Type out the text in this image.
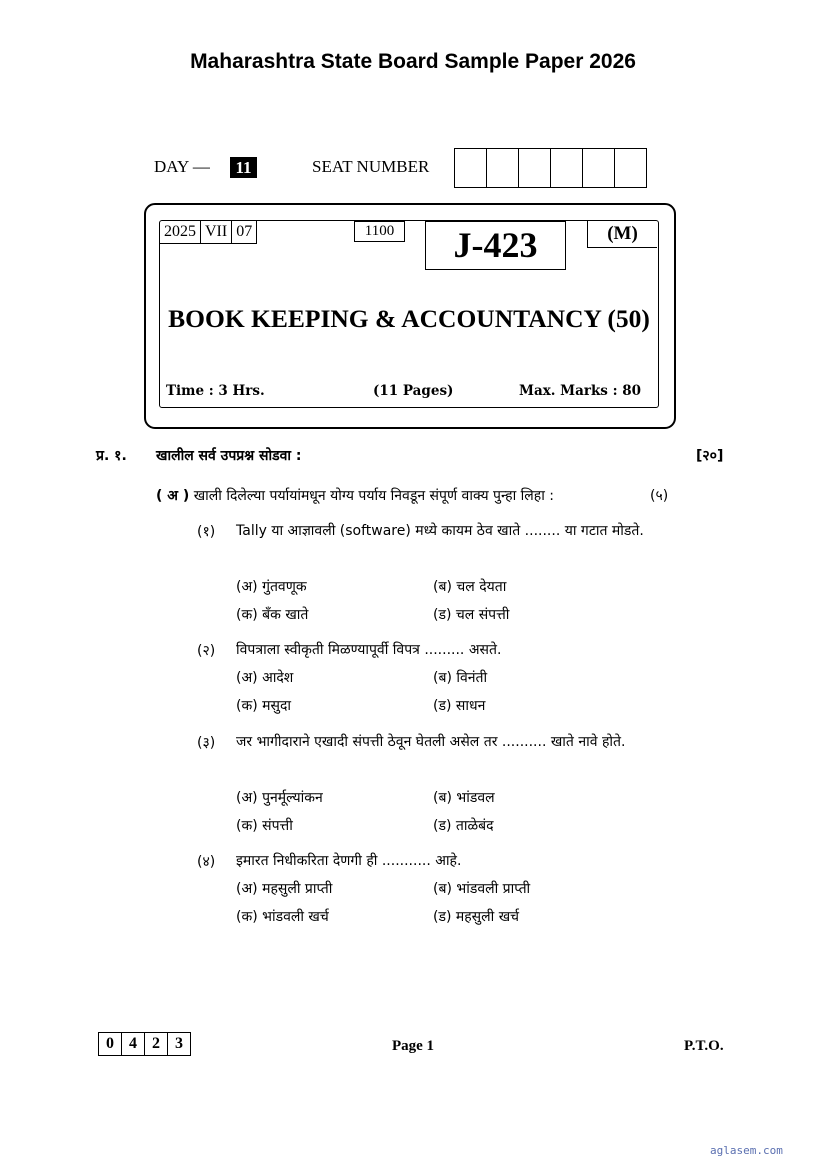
Maharashtra State Board Sample Paper 2026
DAY —	11	SEAT NUMBER
2025 VII 07	1100	J-423	(M)
BOOK KEEPING & ACCOUNTANCY (50)
Time : 3 Hrs.	(11 Pages)	Max. Marks : 80
प्र. १. खालील सर्व उपप्रश्न सोडवा :	[२०]
( अ ) खाली दिलेल्या पर्यायांमधून योग्य पर्याय निवडून संपूर्ण वाक्य पुन्हा लिहा :	(५)
(१) Tally या आज्ञावली (software) मध्ये कायम ठेव खाते ........ या गटात मोडते.
(अ) गुंतवणूक	(ब) चल देयता
(क) बँक खाते	(ड) चल संपत्ती
(२) विपत्राला स्वीकृती मिळण्यापूर्वी विपत्र ......... असते.
(अ) आदेश	(ब) विनंती
(क) मसुदा	(ड) साधन
(३) जर भागीदाराने एखादी संपत्ती ठेवून घेतली असेल तर .......... खाते नावे होते.
(अ) पुनर्मूल्यांकन	(ब) भांडवल
(क) संपत्ती	(ड) ताळेबंद
(४) इमारत निधीकरिता देणगी ही ........... आहे.
(अ) महसुली प्राप्ती	(ब) भांडवली प्राप्ती
(क) भांडवली खर्च	(ड) महसुली खर्च
0 4 2 3	Page 1	P.T.O.
aglasem.com
